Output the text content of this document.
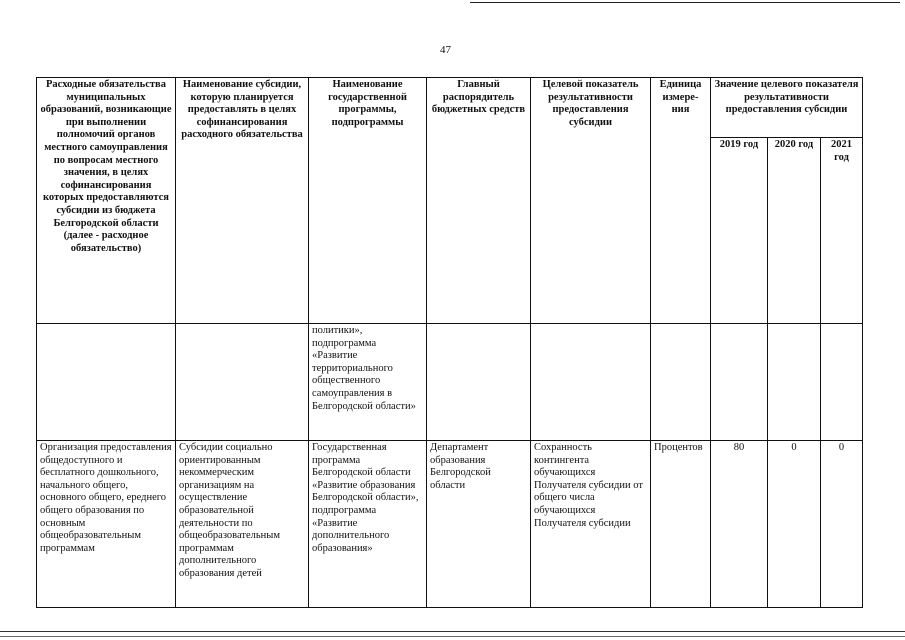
47
Расходные обязательства муниципальных образований, возникающие при выполнении полномочий органов местного самоуправления по вопросам местного значения, в целях софинансирования которых предоставляются субсидии из бюджета Белгородской области (далее - расходное обязательство)	Наименование субсидии, которую планируется предоставлять в целях софинансирования расходного обязательства	Наименование государственной программы, подпрограммы	Главный распорядитель бюджетных средств	Целевой показатель результативности предоставления субсидии	Единица измере-ния	Значение целевого показателя результативности предоставления субсидии		
						2019 год	2020 год	2021 год
		политики», подпрограмма «Развитие территориального общественного самоуправления в Белгородской области»						
Организация предоставления общедоступного и бесплатного дошкольного, начального общего, основного общего, ереднего общего образования по основным общеобразовательным программам	Субсидии социально ориентированным некоммерческим организациям на осуществление образовательной деятельности по общеобразовательным программам дополнительного образования детей	Государственная программа Белгородской области «Развитие образования Белгородской области», подпрограмма «Развитие дополнительного образования»	Департамент образования Белгородской области	Сохранность контингента обучающихся Получателя субсидии от общего числа обучающихся Получателя субсидии	Процентов	80	0	0
